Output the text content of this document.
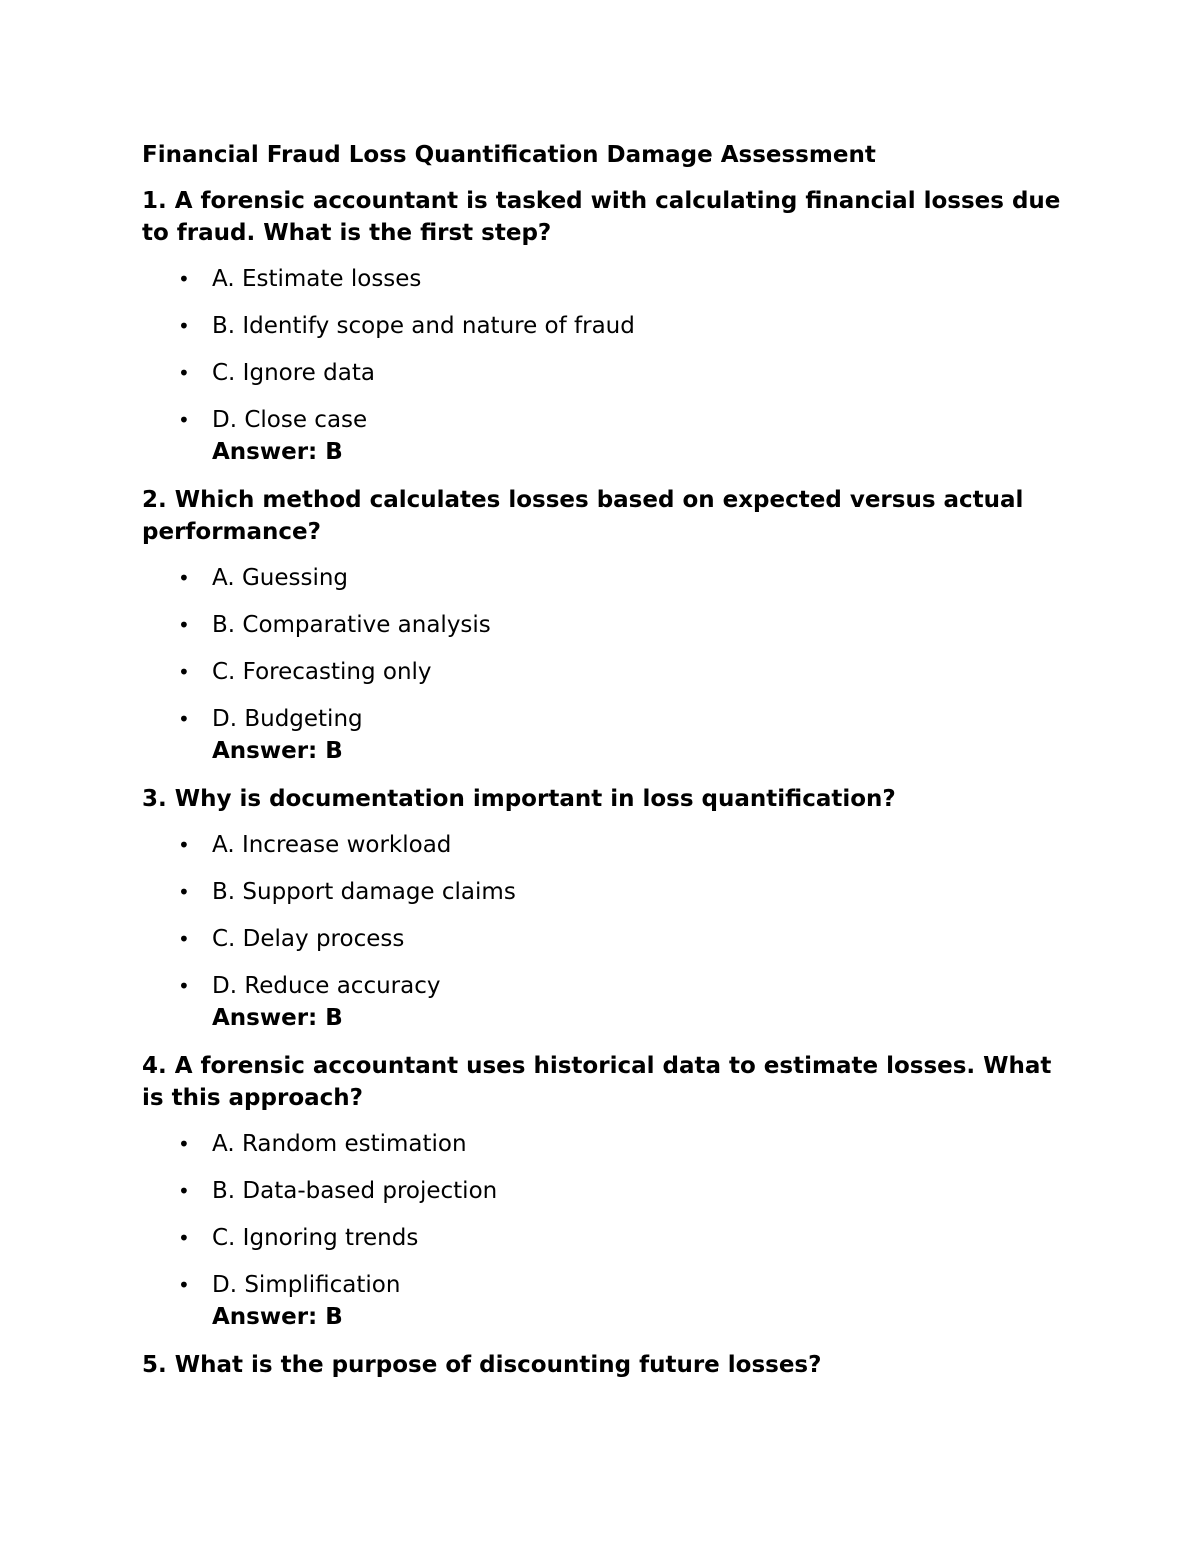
Financial Fraud Loss Quantification Damage Assessment
1. A forensic accountant is tasked with calculating financial losses due to fraud. What is the first step?
• A. Estimate losses
• B. Identify scope and nature of fraud
• C. Ignore data
• D. Close case
Answer: B
2. Which method calculates losses based on expected versus actual performance?
• A. Guessing
• B. Comparative analysis
• C. Forecasting only
• D. Budgeting
Answer: B
3. Why is documentation important in loss quantification?
• A. Increase workload
• B. Support damage claims
• C. Delay process
• D. Reduce accuracy
Answer: B
4. A forensic accountant uses historical data to estimate losses. What is this approach?
• A. Random estimation
• B. Data-based projection
• C. Ignoring trends
• D. Simplification
Answer: B
5. What is the purpose of discounting future losses?
